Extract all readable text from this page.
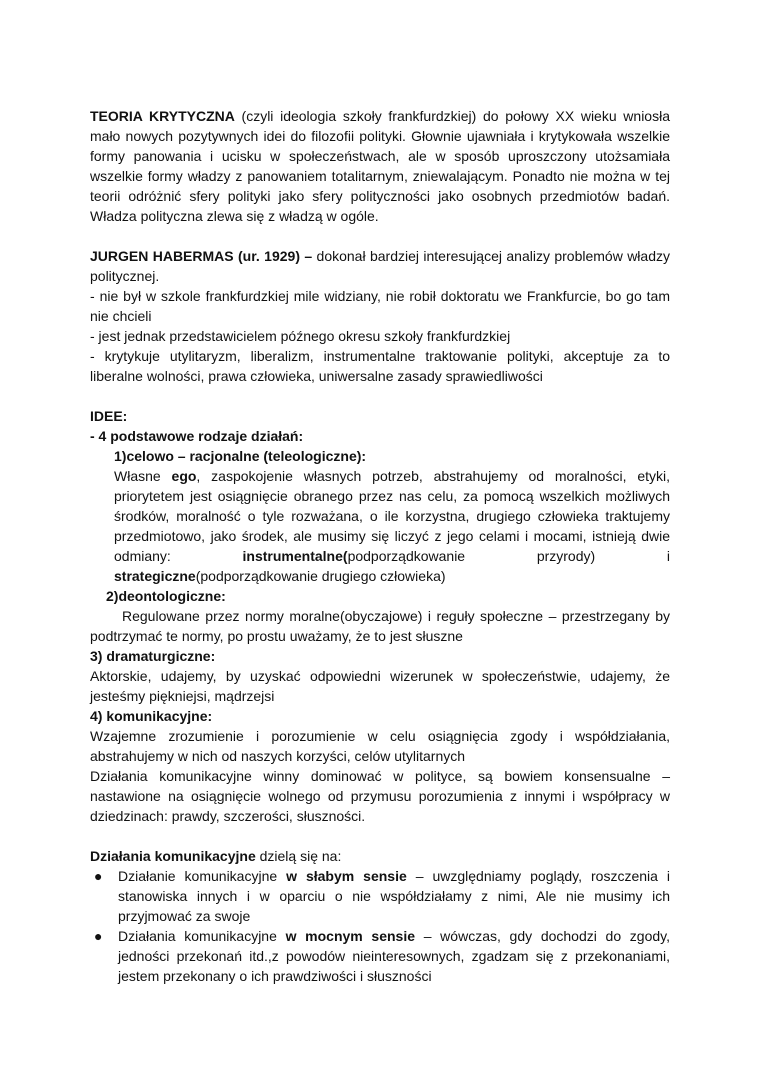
TEORIA KRYTYCZNA (czyli ideologia szkoły frankfurdzkiej) do połowy XX wieku wniosła mało nowych pozytywnych idei do filozofii polityki. Głownie ujawniała i krytykowała wszelkie formy panowania i ucisku w społeczeństwach, ale w sposób uproszczony utożsamiała wszelkie formy władzy z panowaniem totalitarnym, zniewalającym. Ponadto nie można w tej teorii odróżnić sfery polityki jako sfery polityczności jako osobnych przedmiotów badań. Władza polityczna zlewa się z władzą w ogóle.

JURGEN HABERMAS (ur. 1929) – dokonał bardziej interesującej analizy problemów władzy politycznej.

- nie był w szkole frankfurdzkiej mile widziany, nie robił doktoratu we Frankfurcie, bo go tam nie chcieli

- jest jednak przedstawicielem późnego okresu szkoły frankfurdzkiej

- krytykuje utylitaryzm, liberalizm, instrumentalne traktowanie polityki, akceptuje za to liberalne wolności, prawa człowieka, uniwersalne zasady sprawiedliwości

IDEE:

- 4 podstawowe rodzaje działań:

1)celowo – racjonalne (teleologiczne):

Własne ego, zaspokojenie własnych potrzeb, abstrahujemy od moralności, etyki, priorytetem jest osiągnięcie obranego przez nas celu, za pomocą wszelkich możliwych środków, moralność o tyle rozważana, o ile korzystna, drugiego człowieka traktujemy przedmiotowo, jako środek, ale musimy się liczyć z jego celami i mocami, istnieją dwie odmiany: instrumentalne(podporządkowanie przyrody) i

strategiczne(podporządkowanie drugiego człowieka)

2)deontologiczne:

Regulowane przez normy moralne(obyczajowe) i reguły społeczne – przestrzegany by podtrzymać te normy, po prostu uważamy, że to jest słuszne

3) dramaturgiczne:

Aktorskie, udajemy, by uzyskać odpowiedni wizerunek w społeczeństwie, udajemy, że jesteśmy piękniejsi, mądrzejsi

4) komunikacyjne:

Wzajemne zrozumienie i porozumienie w celu osiągnięcia zgody i współdziałania, abstrahujemy w nich od naszych korzyści, celów utylitarnych

Działania komunikacyjne winny dominować w polityce, są bowiem konsensualne – nastawione na osiągnięcie wolnego od przymusu porozumienia z innymi i współpracy w dziedzinach: prawdy, szczerości, słuszności.

Działania komunikacyjne dzielą się na:

● Działanie komunikacyjne w słabym sensie – uwzględniamy poglądy, roszczenia i stanowiska innych i w oparciu o nie współdziałamy z nimi, Ale nie musimy ich przyjmować za swoje
● Działania komunikacyjne w mocnym sensie – wówczas, gdy dochodzi do zgody, jedności przekonań itd.,z powodów nieinteresownych, zgadzam się z przekonaniami, jestem przekonany o ich prawdziwości i słuszności
